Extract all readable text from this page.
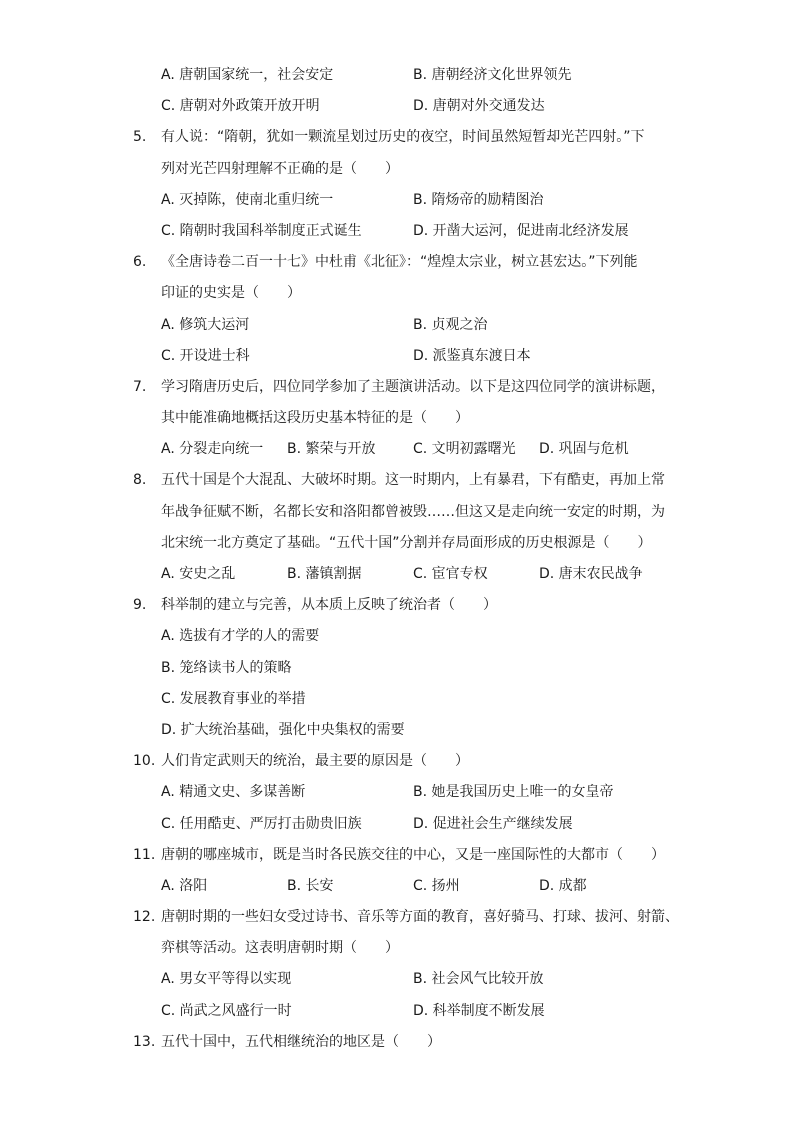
A. 唐朝国家统一，社会安定	B. 唐朝经济文化世界领先
C. 唐朝对外政策开放开明	D. 唐朝对外交通发达
5.	有人说：“隋朝，犹如一颗流星划过历史的夜空，时间虽然短暂却光芒四射。”下
列对光芒四射理解不正确的是（　　）
A. 灭掉陈，使南北重归统一	B. 隋炀帝的励精图治
C. 隋朝时我国科举制度正式诞生	D. 开凿大运河，促进南北经济发展
6.	《全唐诗卷二百一十七》中杜甫《北征》：“煌煌太宗业，树立甚宏达。”下列能
印证的史实是（　　）
A. 修筑大运河	B. 贞观之治
C. 开设进士科	D. 派鉴真东渡日本
7.	学习隋唐历史后，四位同学参加了主题演讲活动。以下是这四位同学的演讲标题，
其中能准确地概括这段历史基本特征的是（　　）
A. 分裂走向统一	B. 繁荣与开放	C. 文明初露曙光	D. 巩固与危机
8.	五代十国是个大混乱、大破坏时期。这一时期内，上有暴君，下有酷吏，再加上常
年战争征赋不断，名都长安和洛阳都曾被毁……但这又是走向统一安定的时期，为
北宋统一北方奠定了基础。“五代十国”分割并存局面形成的历史根源是（　　）
A. 安史之乱	B. 藩镇割据	C. 宦官专权	D. 唐末农民战争
9.	科举制的建立与完善，从本质上反映了统治者（　　）
A. 选拔有才学的人的需要
B. 笼络读书人的策略
C. 发展教育事业的举措
D. 扩大统治基础，强化中央集权的需要
10. 人们肯定武则天的统治，最主要的原因是（　　）
A. 精通文史、多谋善断	B. 她是我国历史上唯一的女皇帝
C. 任用酷吏、严厉打击勋贵旧族	D. 促进社会生产继续发展
11. 唐朝的哪座城市，既是当时各民族交往的中心，又是一座国际性的大都市（　　）
A. 洛阳	B. 长安	C. 扬州	D. 成都
12. 唐朝时期的一些妇女受过诗书、音乐等方面的教育，喜好骑马、打球、拔河、射箭、
弈棋等活动。这表明唐朝时期（　　）
A. 男女平等得以实现	B. 社会风气比较开放
C. 尚武之风盛行一时	D. 科举制度不断发展
13. 五代十国中，五代相继统治的地区是（　　）
